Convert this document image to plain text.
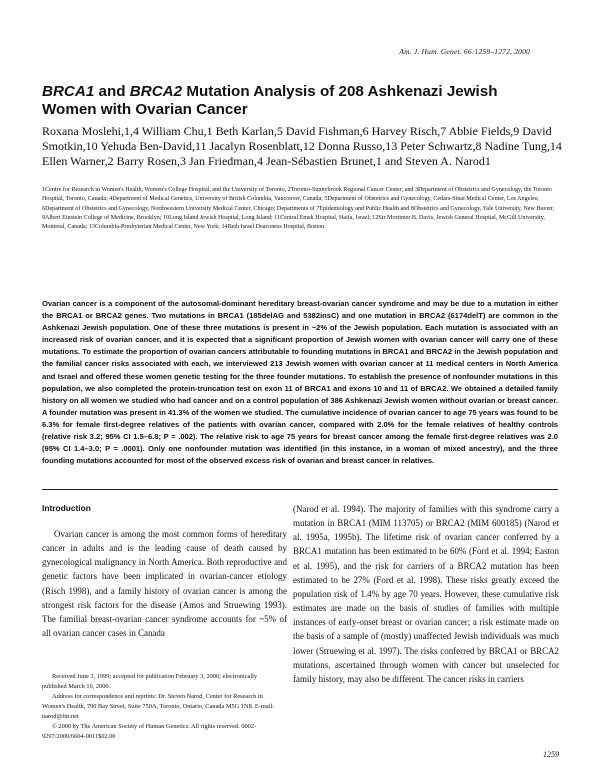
Am. J. Hum. Genet. 66:1259–1272, 2000
BRCA1 and BRCA2 Mutation Analysis of 208 Ashkenazi Jewish Women with Ovarian Cancer

Roxana Moslehi,1,4 William Chu,1 Beth Karlan,5 David Fishman,6 Harvey Risch,7 Abbie Fields,9 David Smotkin,10 Yehuda Ben-David,11 Jacalyn Rosenblatt,12 Donna Russo,13 Peter Schwartz,8 Nadine Tung,14 Ellen Warner,2 Barry Rosen,3 Jan Friedman,4 Jean-Sébastien Brunet,1 and Steven A. Narod1

1Centre for Research in Women's Health, Women's College Hospital, and the University of Toronto, 2Toronto-Sunnybrook Regional Cancer Center, and 3Department of Obstetrics and Gynecology, the Toronto Hospital, Toronto, Canada; 4Department of Medical Genetics, University of British Columbia, Vancouver, Canada; 5Department of Obstetrics and Gynecology, Cedars-Sinai Medical Center, Los Angeles; 6Department of Obstetrics and Gynecology, Northwestern University Medical Center, Chicago; Departments of 7Epidemiology and Public Health and 8Obstetrics and Gynecology, Yale University, New Haven; 9Albert Einstein College of Medicine, Brooklyn; 10Long Island Jewish Hospital, Long Island; 11Central Emek Hospital, Haifa, Israel; 12Sir Mortimer B. Davis, Jewish General Hospital, McGill University, Montreal, Canada; 13Columbia-Presbyterian Medical Center, New York; 14Beth Israel Deaconess Hospital, Boston

Ovarian cancer is a component of the autosomal-dominant hereditary breast-ovarian cancer syndrome and may be due to a mutation in either the BRCA1 or BRCA2 genes. Two mutations in BRCA1 (185delAG and 5382insC) and one mutation in BRCA2 (6174delT) are common in the Ashkenazi Jewish population. One of these three mutations is present in ~2% of the Jewish population. Each mutation is associated with an increased risk of ovarian cancer, and it is expected that a significant proportion of Jewish women with ovarian cancer will carry one of these mutations. To estimate the proportion of ovarian cancers attributable to founding mutations in BRCA1 and BRCA2 in the Jewish population and the familial cancer risks associated with each, we interviewed 213 Jewish women with ovarian cancer at 11 medical centers in North America and Israel and offered these women genetic testing for the three founder mutations. To establish the presence of nonfounder mutations in this population, we also completed the protein-truncation test on exon 11 of BRCA1 and exons 10 and 11 of BRCA2. We obtained a detailed family history on all women we studied who had cancer and on a control population of 386 Ashkenazi Jewish women without ovarian or breast cancer. A founder mutation was present in 41.3% of the women we studied. The cumulative incidence of ovarian cancer to age 75 years was found to be 6.3% for female first-degree relatives of the patients with ovarian cancer, compared with 2.0% for the female relatives of healthy controls (relative risk 3.2; 95% CI 1.5–6.8; P = .002). The relative risk to age 75 years for breast cancer among the female first-degree relatives was 2.0 (95% CI 1.4–3.0; P = .0001). Only one nonfounder mutation was identified (in this instance, in a woman of mixed ancestry), and the three founding mutations accounted for most of the observed excess risk of ovarian and breast cancer in relatives.

Introduction

Ovarian cancer is among the most common forms of hereditary cancer in adults and is the leading cause of death caused by gynecological malignancy in North America. Both reproductive and genetic factors have been implicated in ovarian-cancer etiology (Risch 1998), and a family history of ovarian cancer is among the strongest risk factors for the disease (Amos and Struewing 1993). The familial breast-ovarian cancer syndrome accounts for ~5% of all ovarian cancer cases in Canada

(Narod et al. 1994). The majority of families with this syndrome carry a mutation in BRCA1 (MIM 113705) or BRCA2 (MIM 600185) (Narod et al. 1995a, 1995b). The lifetime risk of ovarian cancer conferred by a BRCA1 mutation has been estimated to be 60% (Ford et al. 1994; Easton et al. 1995), and the risk for carriers of a BRCA2 mutation has been estimated to be 27% (Ford et al. 1998). These risks greatly exceed the population risk of 1.4% by age 70 years. However, these cumulative risk estimates are made on the basis of studies of families with multiple instances of early-onset breast or ovarian cancer; a risk estimate made on the basis of a sample of (mostly) unaffected Jewish individuals was much lower (Struewing et al. 1997). The risks conferred by BRCA1 or BRCA2 mutations, ascertained through women with cancer but unselected for family history, may also be different. The cancer risks in carriers

Received June 3, 1999; accepted for publication February 3, 2000; electronically published March 16, 2000.

Address for correspondence and reprints: Dr. Steven Narod, Center for Research in Women's Health, 790 Bay Street, Suite 750A, Toronto, Ontario, Canada M5G 1N8. E-mail: narod@ftn.net

© 2000 by The American Society of Human Genetics. All rights reserved. 0002-9297/2000/6604-0011$02.00

1259
